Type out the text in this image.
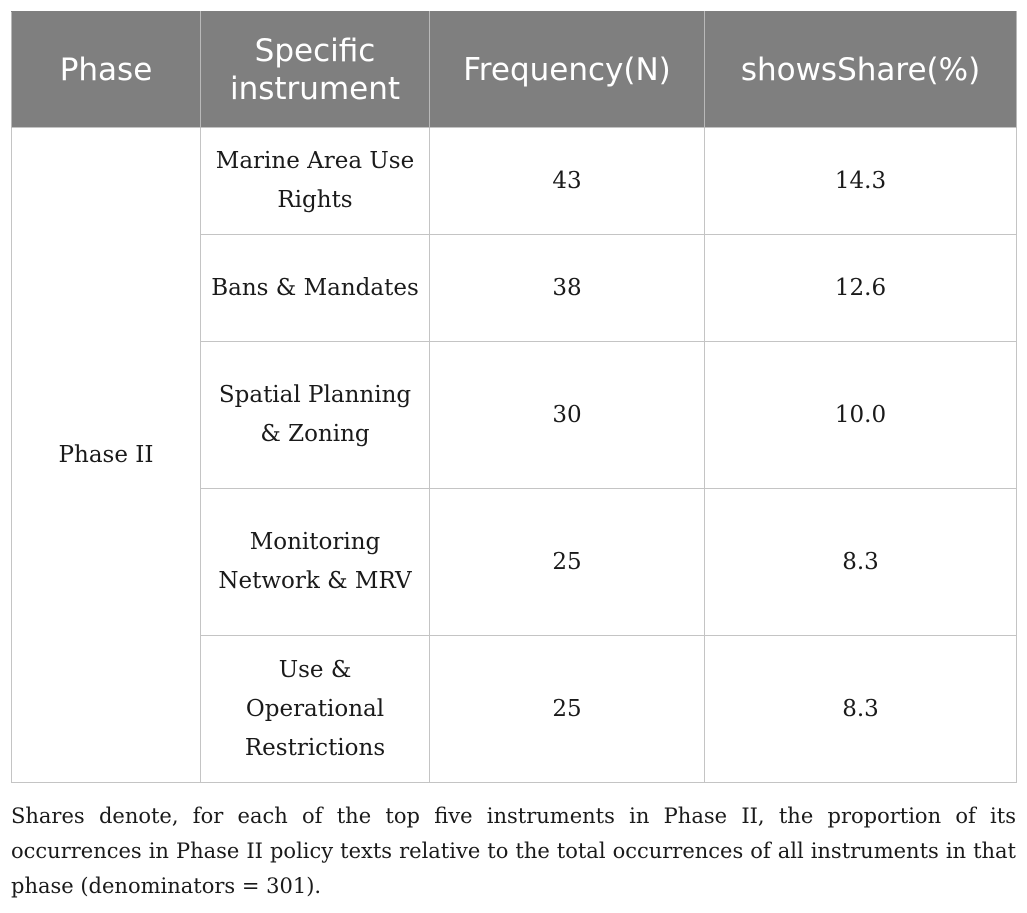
Phase	Specific instrument	Frequency(N)	showsShare(%)
Phase II	Marine Area Use Rights	43	14.3
	Bans & Mandates	38	12.6
	Spatial Planning & Zoning	30	10.0
	Monitoring Network & MRV	25	8.3
	Use & Operational Restrictions	25	8.3

Shares denote, for each of the top five instruments in Phase II, the proportion of its occurrences in Phase II policy texts relative to the total occurrences of all instruments in that phase (denominators = 301).
